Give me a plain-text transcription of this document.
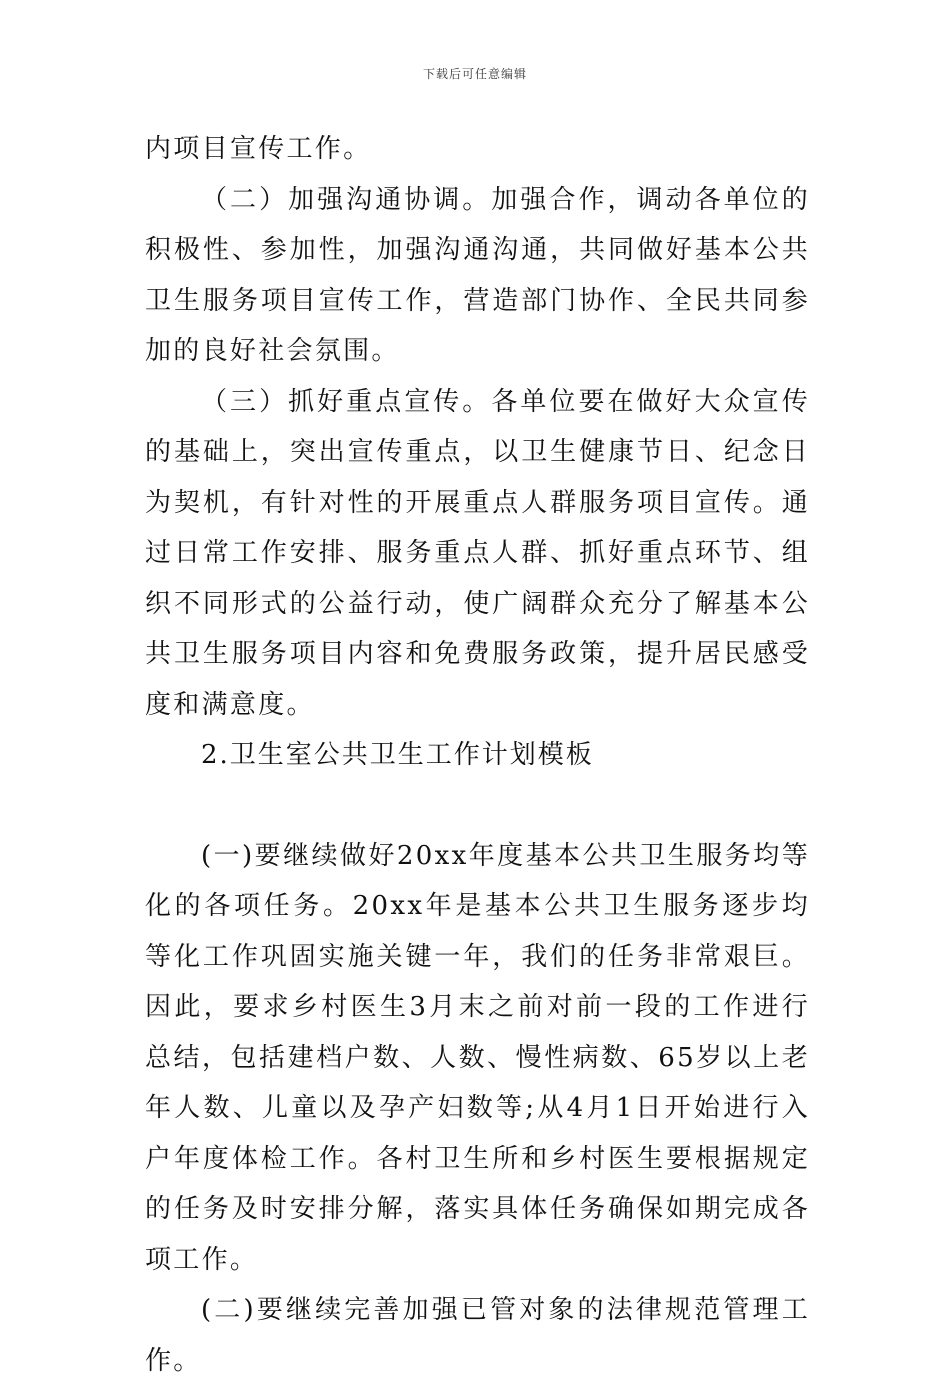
下载后可任意编辑

内项目宣传工作。

（二）加强沟通协调。加强合作，调动各单位的积极性、参加性，加强沟通沟通，共同做好基本公共卫生服务项目宣传工作，营造部门协作、全民共同参加的良好社会氛围。

（三）抓好重点宣传。各单位要在做好大众宣传的基础上，突出宣传重点，以卫生健康节日、纪念日为契机，有针对性的开展重点人群服务项目宣传。通过日常工作安排、服务重点人群、抓好重点环节、组织不同形式的公益行动，使广阔群众充分了解基本公共卫生服务项目内容和免费服务政策，提升居民感受度和满意度。

2.卫生室公共卫生工作计划模板

(一)要继续做好20xx年度基本公共卫生服务均等化的各项任务。20xx年是基本公共卫生服务逐步均等化工作巩固实施关键一年，我们的任务非常艰巨。因此，要求乡村医生3月末之前对前一段的工作进行总结，包括建档户数、人数、慢性病数、65岁以上老年人数、儿童以及孕产妇数等;从4月1日开始进行入户年度体检工作。各村卫生所和乡村医生要根据规定的任务及时安排分解，落实具体任务确保如期完成各项工作。

(二)要继续完善加强已管对象的法律规范管理工作。
